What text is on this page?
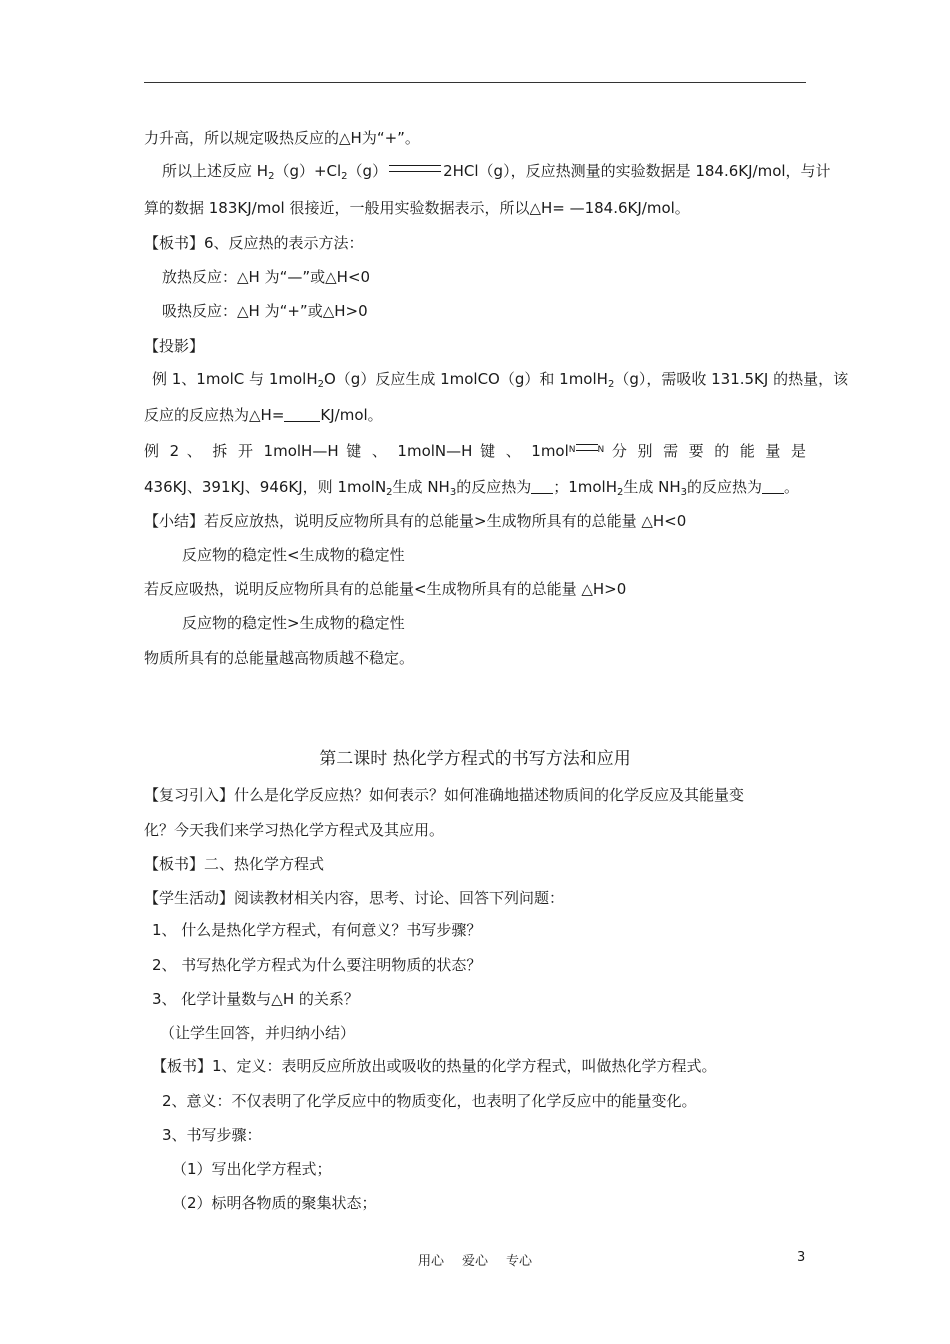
力升高，所以规定吸热反应的△H为“+”。
所以上述反应 $H_2(g)+Cl_2(g)$	2HCl（g），反应热测量的实验数据是 184.6KJ/mol，与计
算的数据 183KJ/mol 很接近，一般用实验数据表示，所以△H= —184.6KJ/mol。
【板书】6、反应热的表示方法：
放热反应：△H 为“—”或△H<0
吸热反应：△H 为“+”或△H>0
【投影】
例 1、1molC 与 1molH$_2$O（g）反应生成 1molCO（g）和 1molH$_2$（g），需吸收 131.5KJ 的热量，该
反应的反应热为△H= KJ/mol。
例 2 、 拆 开 1molH—H 键 、 1molN—H 键 、 1molN N 分 别 需 要 的 能 量 是
436KJ、391KJ、946KJ，则 1molN$_2$生成 $NH_3$的反应热为 ；1molH$_2$生成 $NH_3$的反应热为 。
【小结】若反应放热，说明反应物所具有的总能量>生成物所具有的总能量 △H<0
反应物的稳定性<生成物的稳定性
若反应吸热，说明反应物所具有的总能量<生成物所具有的总能量 △H>0
反应物的稳定性>生成物的稳定性
物质所具有的总能量越高物质越不稳定。
第二课时 热化学方程式的书写方法和应用
【复习引入】什么是化学反应热？如何表示？如何准确地描述物质间的化学反应及其能量变
化？今天我们来学习热化学方程式及其应用。
【板书】二、热化学方程式
【学生活动】阅读教材相关内容，思考、讨论、回答下列问题：
1、 什么是热化学方程式，有何意义？书写步骤？
2、 书写热化学方程式为什么要注明物质的状态？
3、 化学计量数与△H 的关系？
（让学生回答，并归纳小结）
【板书】1、定义：表明反应所放出或吸收的热量的化学方程式，叫做热化学方程式。
2、意义：不仅表明了化学反应中的物质变化，也表明了化学反应中的能量变化。
3、书写步骤：
（1）写出化学方程式；
（2）标明各物质的聚集状态；
用心 爱心 专心	3
